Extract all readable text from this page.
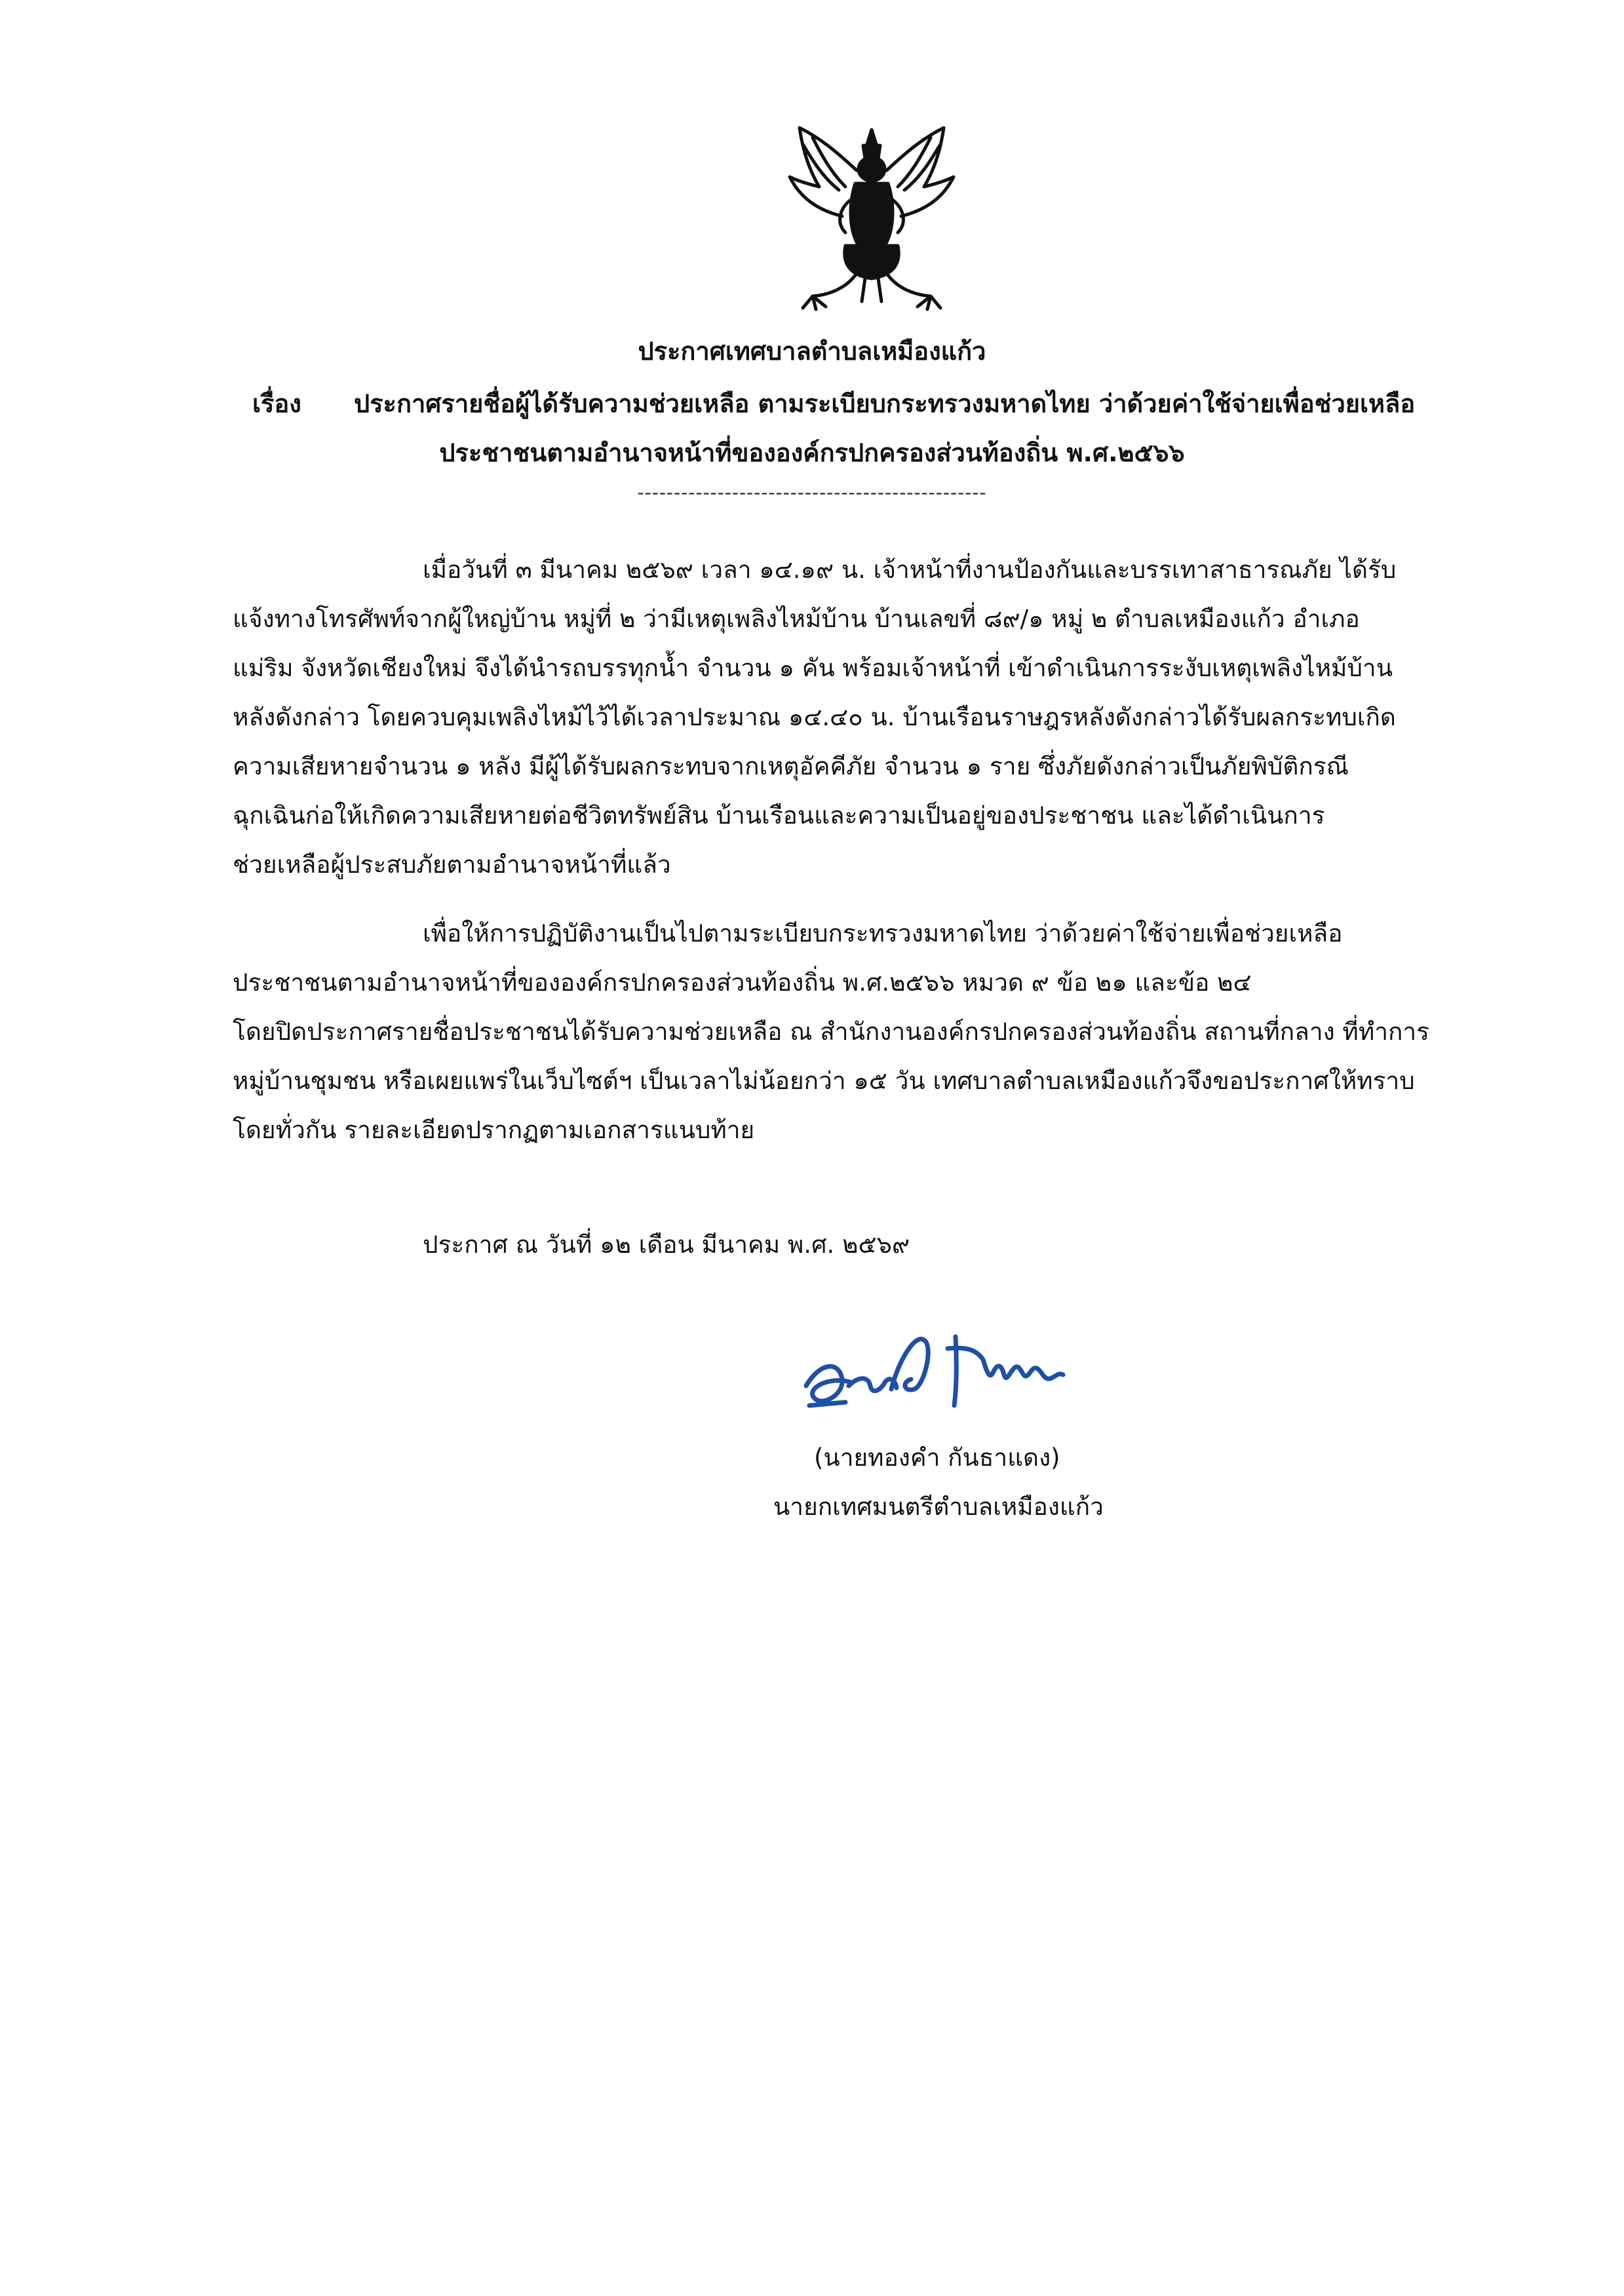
ประกาศเทศบาลตำบลเหมืองแก้ว
เรื่อง ประกาศรายชื่อผู้ได้รับความช่วยเหลือ ตามระเบียบกระทรวงมหาดไทย ว่าด้วยค่าใช้จ่ายเพื่อช่วยเหลือ
ประชาชนตามอำนาจหน้าที่ขององค์กรปกครองส่วนท้องถิ่น พ.ศ.๒๕๖๖
------------------------------------------------
เมื่อวันที่ ๓ มีนาคม ๒๕๖๙ เวลา ๑๔.๑๙ น. เจ้าหน้าที่งานป้องกันและบรรเทาสาธารณภัย ได้รับ
แจ้งทางโทรศัพท์จากผู้ใหญ่บ้าน หมู่ที่ ๒ ว่ามีเหตุเพลิงไหม้บ้าน บ้านเลขที่ ๘๙/๑ หมู่ ๒ ตำบลเหมืองแก้ว อำเภอ
แม่ริม จังหวัดเชียงใหม่ จึงได้นำรถบรรทุกน้ำ จำนวน ๑ คัน พร้อมเจ้าหน้าที่ เข้าดำเนินการระงับเหตุเพลิงไหม้บ้าน
หลังดังกล่าว โดยควบคุมเพลิงไหม้ไว้ได้เวลาประมาณ ๑๔.๔๐ น. บ้านเรือนราษฎรหลังดังกล่าวได้รับผลกระทบเกิด
ความเสียหายจำนวน ๑ หลัง มีผู้ได้รับผลกระทบจากเหตุอัคคีภัย จำนวน ๑ ราย ซึ่งภัยดังกล่าวเป็นภัยพิบัติกรณี
ฉุกเฉินก่อให้เกิดความเสียหายต่อชีวิตทรัพย์สิน บ้านเรือนและความเป็นอยู่ของประชาชน และได้ดำเนินการ
ช่วยเหลือผู้ประสบภัยตามอำนาจหน้าที่แล้ว
เพื่อให้การปฏิบัติงานเป็นไปตามระเบียบกระทรวงมหาดไทย ว่าด้วยค่าใช้จ่ายเพื่อช่วยเหลือ
ประชาชนตามอำนาจหน้าที่ขององค์กรปกครองส่วนท้องถิ่น พ.ศ.๒๕๖๖ หมวด ๙ ข้อ ๒๑ และข้อ ๒๔
โดยปิดประกาศรายชื่อประชาชนได้รับความช่วยเหลือ ณ สำนักงานองค์กรปกครองส่วนท้องถิ่น สถานที่กลาง ที่ทำการ
หมู่บ้านชุมชน หรือเผยแพร่ในเว็บไซต์ฯ เป็นเวลาไม่น้อยกว่า ๑๕ วัน เทศบาลตำบลเหมืองแก้วจึงขอประกาศให้ทราบ
โดยทั่วกัน รายละเอียดปรากฏตามเอกสารแนบท้าย
ประกาศ ณ วันที่ ๑๒ เดือน มีนาคม พ.ศ. ๒๕๖๙
(นายทองคำ กันธาแดง)
นายกเทศมนตรีตำบลเหมืองแก้ว
